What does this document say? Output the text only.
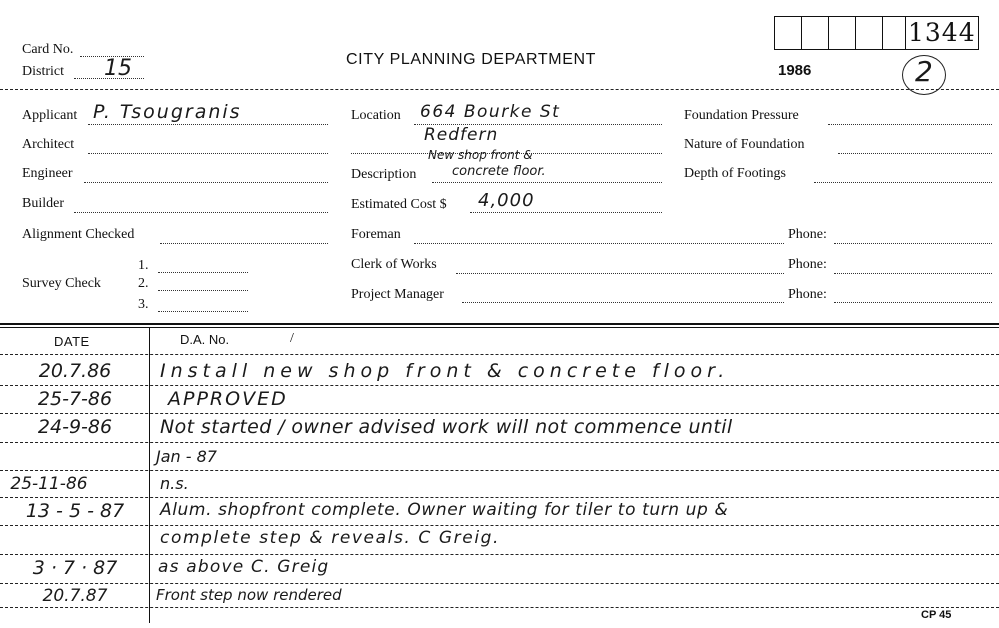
Card No.
District 15	CITY PLANNING DEPARTMENT
1986
1344
2
Applicant P. Tsougranis
Architect
Engineer
Builder
Alignment Checked
Survey Check
1.
2.
3.
Location 664 Bourke St
Redfern
New shop front &
Description	concrete floor.
Estimated Cost $ 4,000
Foreman
Clerk of Works
Project Manager
Foundation Pressure
Nature of Foundation
Depth of Footings
Phone:
Phone:
Phone:
DATE	D.A. No.	/
20.7.86	Install new shop front & concrete floor.
25-7-86	APPROVED
24-9-86	Not started / owner advised work will not commence until
Jan - 87
25-11-86	n.s.
13 - 5 - 87	Alum. shopfront complete. Owner waiting for tiler to turn up &
complete step & reveals. C Greig.
3 · 7 · 87	as above C. Greig
20.7.87	Front step now rendered
CP 45
